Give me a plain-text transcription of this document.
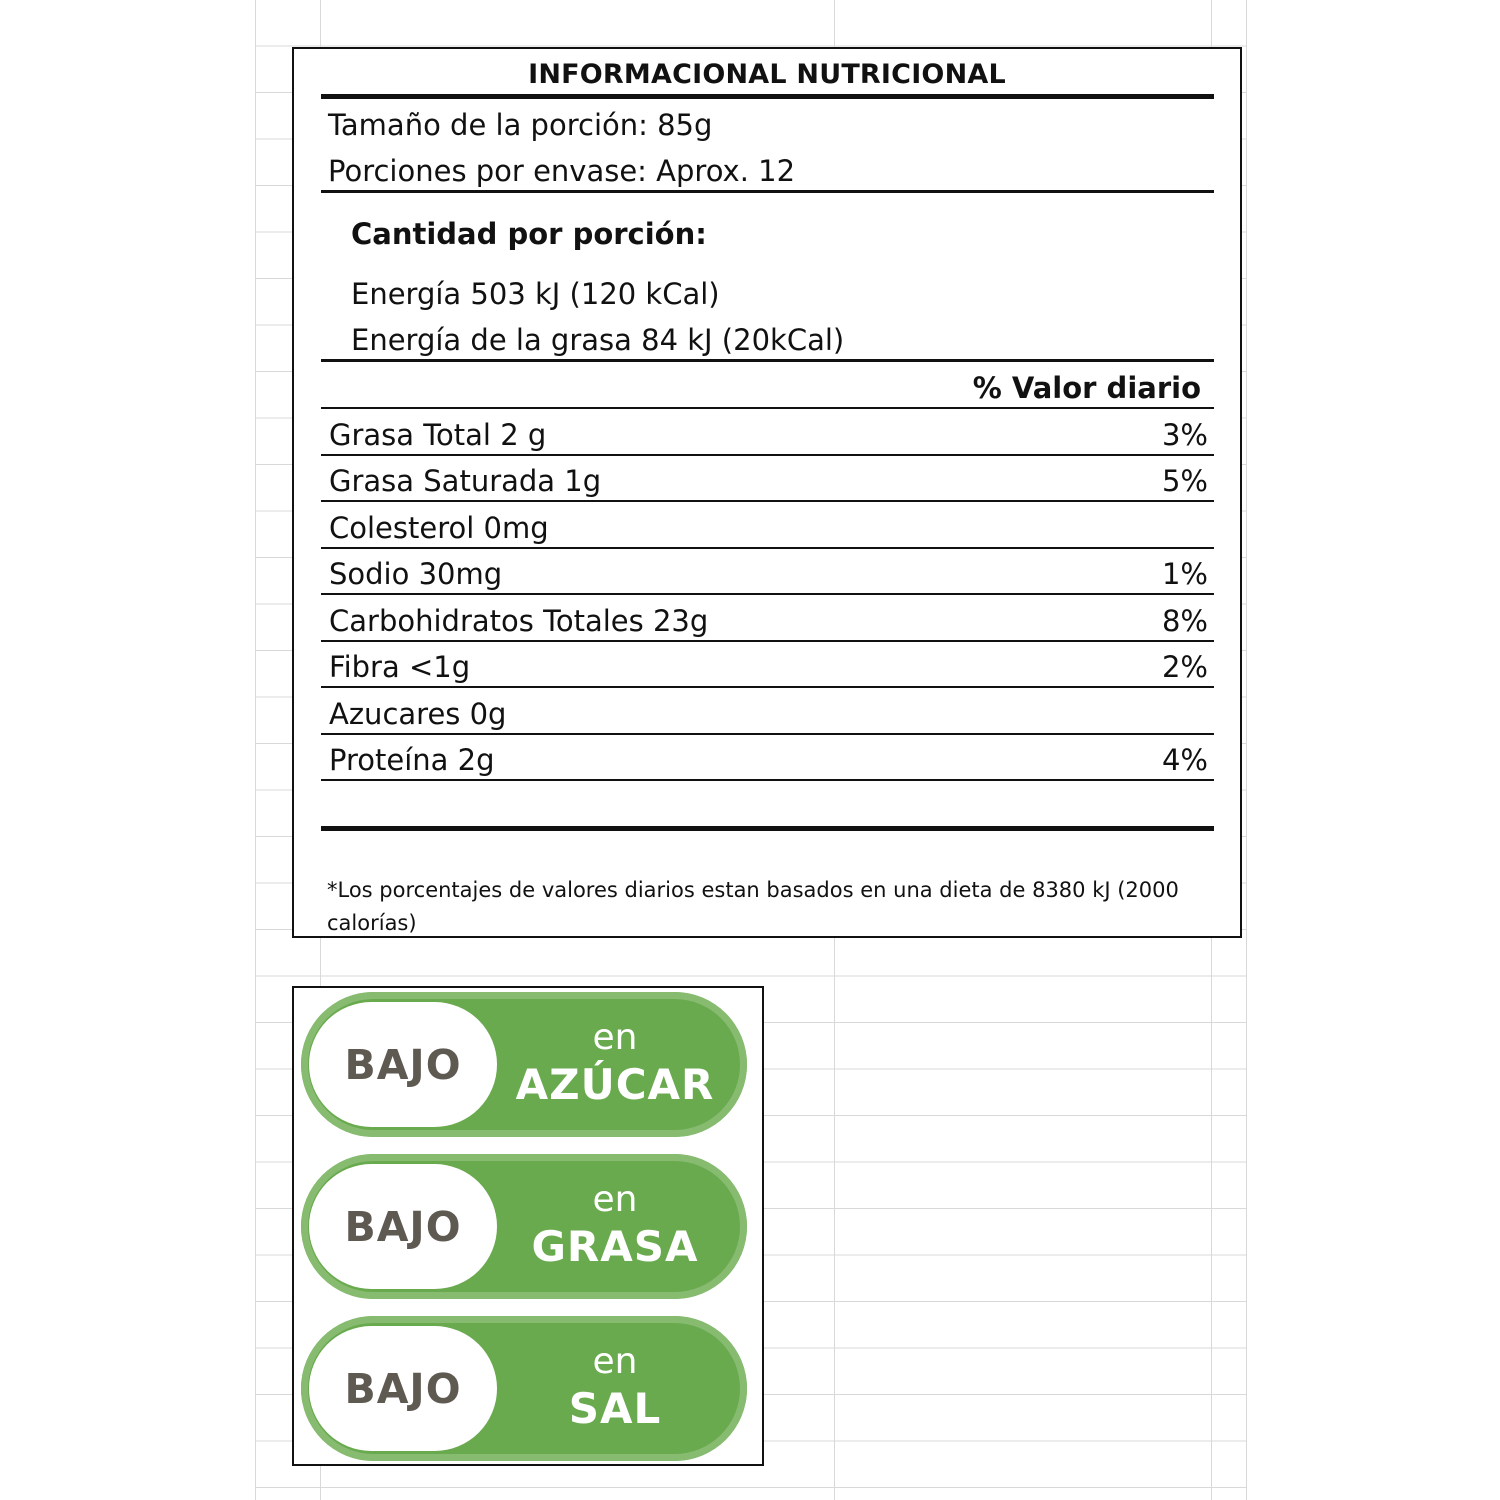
INFORMACIONAL NUTRICIONAL
Tamaño de la porción: 85g
Porciones por envase: Aprox. 12
Cantidad por porción:
Energía 503 kJ (120 kCal)
Energía de la grasa 84 kJ (20kCal)
% Valor diario
Grasa Total 2 g	3%
Grasa Saturada 1g	5%
Colesterol 0mg
Sodio 30mg	1%
Carbohidratos Totales 23g	8%
Fibra <1g	2%
Azucares 0g
Proteína 2g	4%
*Los porcentajes de valores diarios estan basados en una dieta de 8380 kJ (2000 calorías)
BAJO
en
AZÚCAR
BAJO
en
GRASA
BAJO
en
SAL
